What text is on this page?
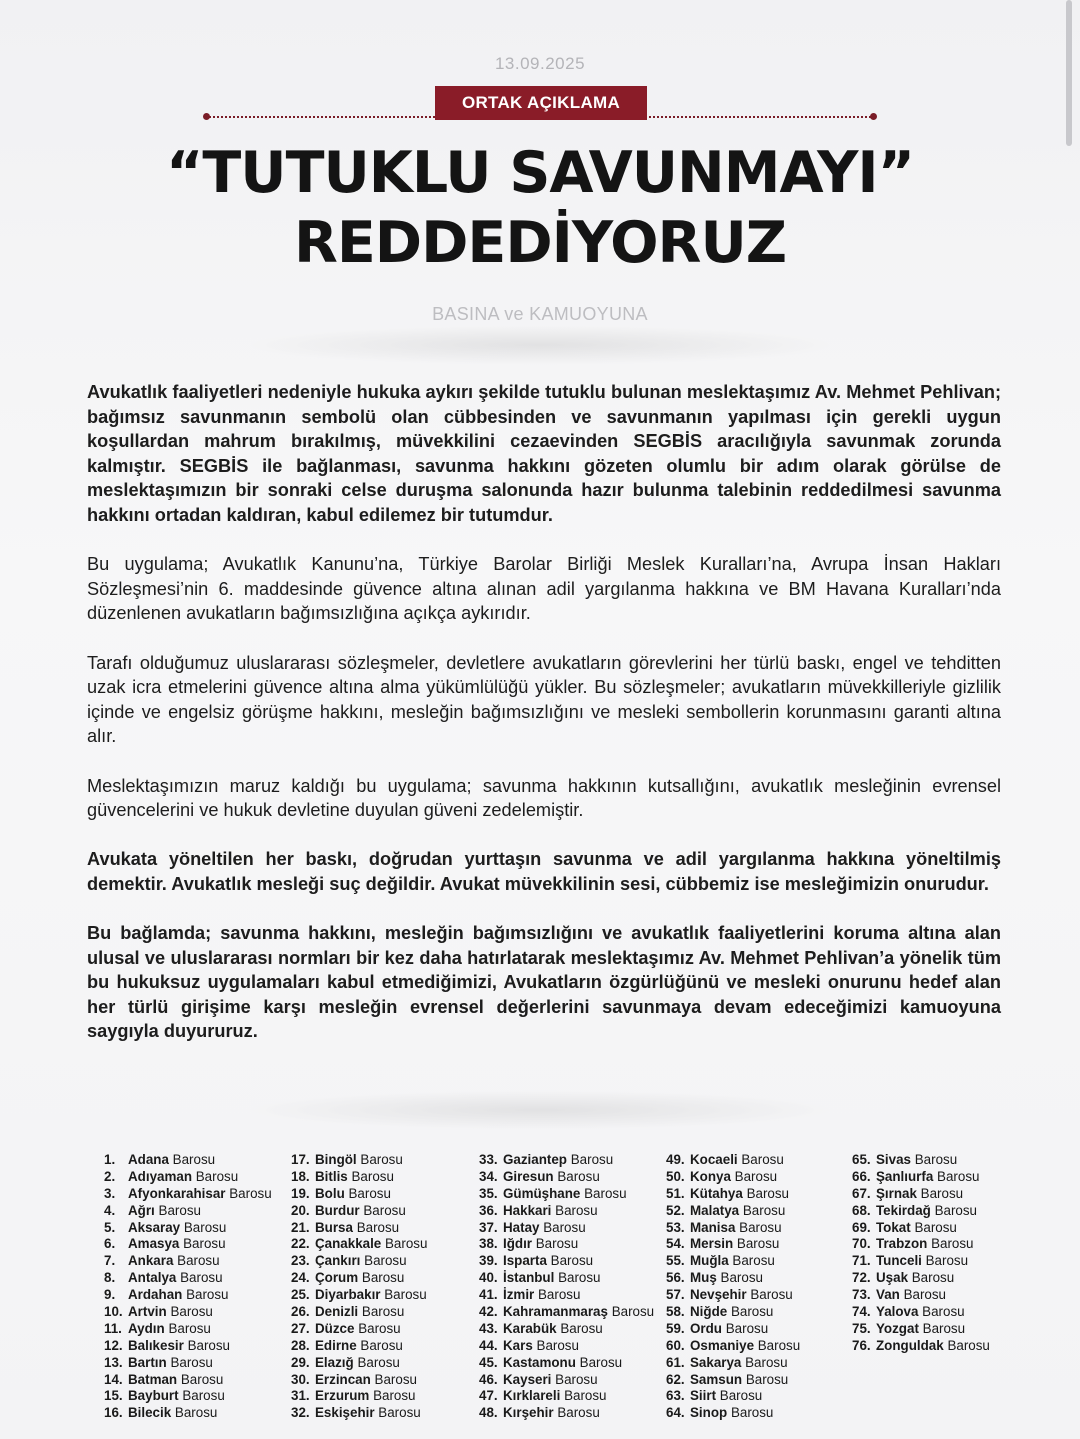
13.09.2025
ORTAK AÇIKLAMA
“TUTUKLU SAVUNMAYI”
REDDEDİYORUZ
BASINA ve KAMUOYUNA

Avukatlık faaliyetleri nedeniyle hukuka aykırı şekilde tutuklu bulunan meslektaşımız Av. Mehmet Pehlivan; bağımsız savunmanın sembolü olan cübbesinden ve savunmanın yapılması için gerekli uygun koşullardan mahrum bırakılmış, müvekkilini cezaevinden SEGBİS aracılığıyla savunmak zorunda kalmıştır. SEGBİS ile bağlanması, savunma hakkını gözeten olumlu bir adım olarak görülse de meslektaşımızın bir sonraki celse duruşma salonunda hazır bulunma talebinin reddedilmesi savunma hakkını ortadan kaldıran, kabul edilemez bir tutumdur.

Bu uygulama; Avukatlık Kanunu’na, Türkiye Barolar Birliği Meslek Kuralları’na, Avrupa İnsan Hakları Sözleşmesi’nin 6. maddesinde güvence altına alınan adil yargılanma hakkına ve BM Havana Kuralları’nda düzenlenen avukatların bağımsızlığına açıkça aykırıdır.

Tarafı olduğumuz uluslararası sözleşmeler, devletlere avukatların görevlerini her türlü baskı, engel ve tehditten uzak icra etmelerini güvence altına alma yükümlülüğü yükler. Bu sözleşmeler; avukatların müvekkilleriyle gizlilik içinde ve engelsiz görüşme hakkını, mesleğin bağımsızlığını ve mesleki sembollerin korunmasını garanti altına alır.

Meslektaşımızın maruz kaldığı bu uygulama; savunma hakkının kutsallığını, avukatlık mesleğinin evrensel güvencelerini ve hukuk devletine duyulan güveni zedelemiştir.

Avukata yöneltilen her baskı, doğrudan yurttaşın savunma ve adil yargılanma hakkına yöneltilmiş demektir. Avukatlık mesleği suç değildir. Avukat müvekkilinin sesi, cübbemiz ise mesleğimizin onurudur.

Bu bağlamda; savunma hakkını, mesleğin bağımsızlığını ve avukatlık faaliyetlerini koruma altına alan ulusal ve uluslararası normları bir kez daha hatırlatarak meslektaşımız Av. Mehmet Pehlivan’a yönelik tüm bu hukuksuz uygulamaları kabul etmediğimizi, Avukatların özgürlüğünü ve mesleki onurunu hedef alan her türlü girişime karşı mesleğin evrensel değerlerini savunmaya devam edeceğimizi kamuoyuna saygıyla duyururuz.

1. Adana Barosu
2. Adıyaman Barosu
3. Afyonkarahisar Barosu
4. Ağrı Barosu
5. Aksaray Barosu
6. Amasya Barosu
7. Ankara Barosu
8. Antalya Barosu
9. Ardahan Barosu
10. Artvin Barosu
11. Aydın Barosu
12. Balıkesir Barosu
13. Bartın Barosu
14. Batman Barosu
15. Bayburt Barosu
16. Bilecik Barosu
17. Bingöl Barosu
18. Bitlis Barosu
19. Bolu Barosu
20. Burdur Barosu
21. Bursa Barosu
22. Çanakkale Barosu
23. Çankırı Barosu
24. Çorum Barosu
25. Diyarbakır Barosu
26. Denizli Barosu
27. Düzce Barosu
28. Edirne Barosu
29. Elazığ Barosu
30. Erzincan Barosu
31. Erzurum Barosu
32. Eskişehir Barosu
33. Gaziantep Barosu
34. Giresun Barosu
35. Gümüşhane Barosu
36. Hakkari Barosu
37. Hatay Barosu
38. Iğdır Barosu
39. Isparta Barosu
40. İstanbul Barosu
41. İzmir Barosu
42. Kahramanmaraş Barosu
43. Karabük Barosu
44. Kars Barosu
45. Kastamonu Barosu
46. Kayseri Barosu
47. Kırklareli Barosu
48. Kırşehir Barosu
49. Kocaeli Barosu
50. Konya Barosu
51. Kütahya Barosu
52. Malatya Barosu
53. Manisa Barosu
54. Mersin Barosu
55. Muğla Barosu
56. Muş Barosu
57. Nevşehir Barosu
58. Niğde Barosu
59. Ordu Barosu
60. Osmaniye Barosu
61. Sakarya Barosu
62. Samsun Barosu
63. Siirt Barosu
64. Sinop Barosu
65. Sivas Barosu
66. Şanlıurfa Barosu
67. Şırnak Barosu
68. Tekirdağ Barosu
69. Tokat Barosu
70. Trabzon Barosu
71. Tunceli Barosu
72. Uşak Barosu
73. Van Barosu
74. Yalova Barosu
75. Yozgat Barosu
76. Zonguldak Barosu
